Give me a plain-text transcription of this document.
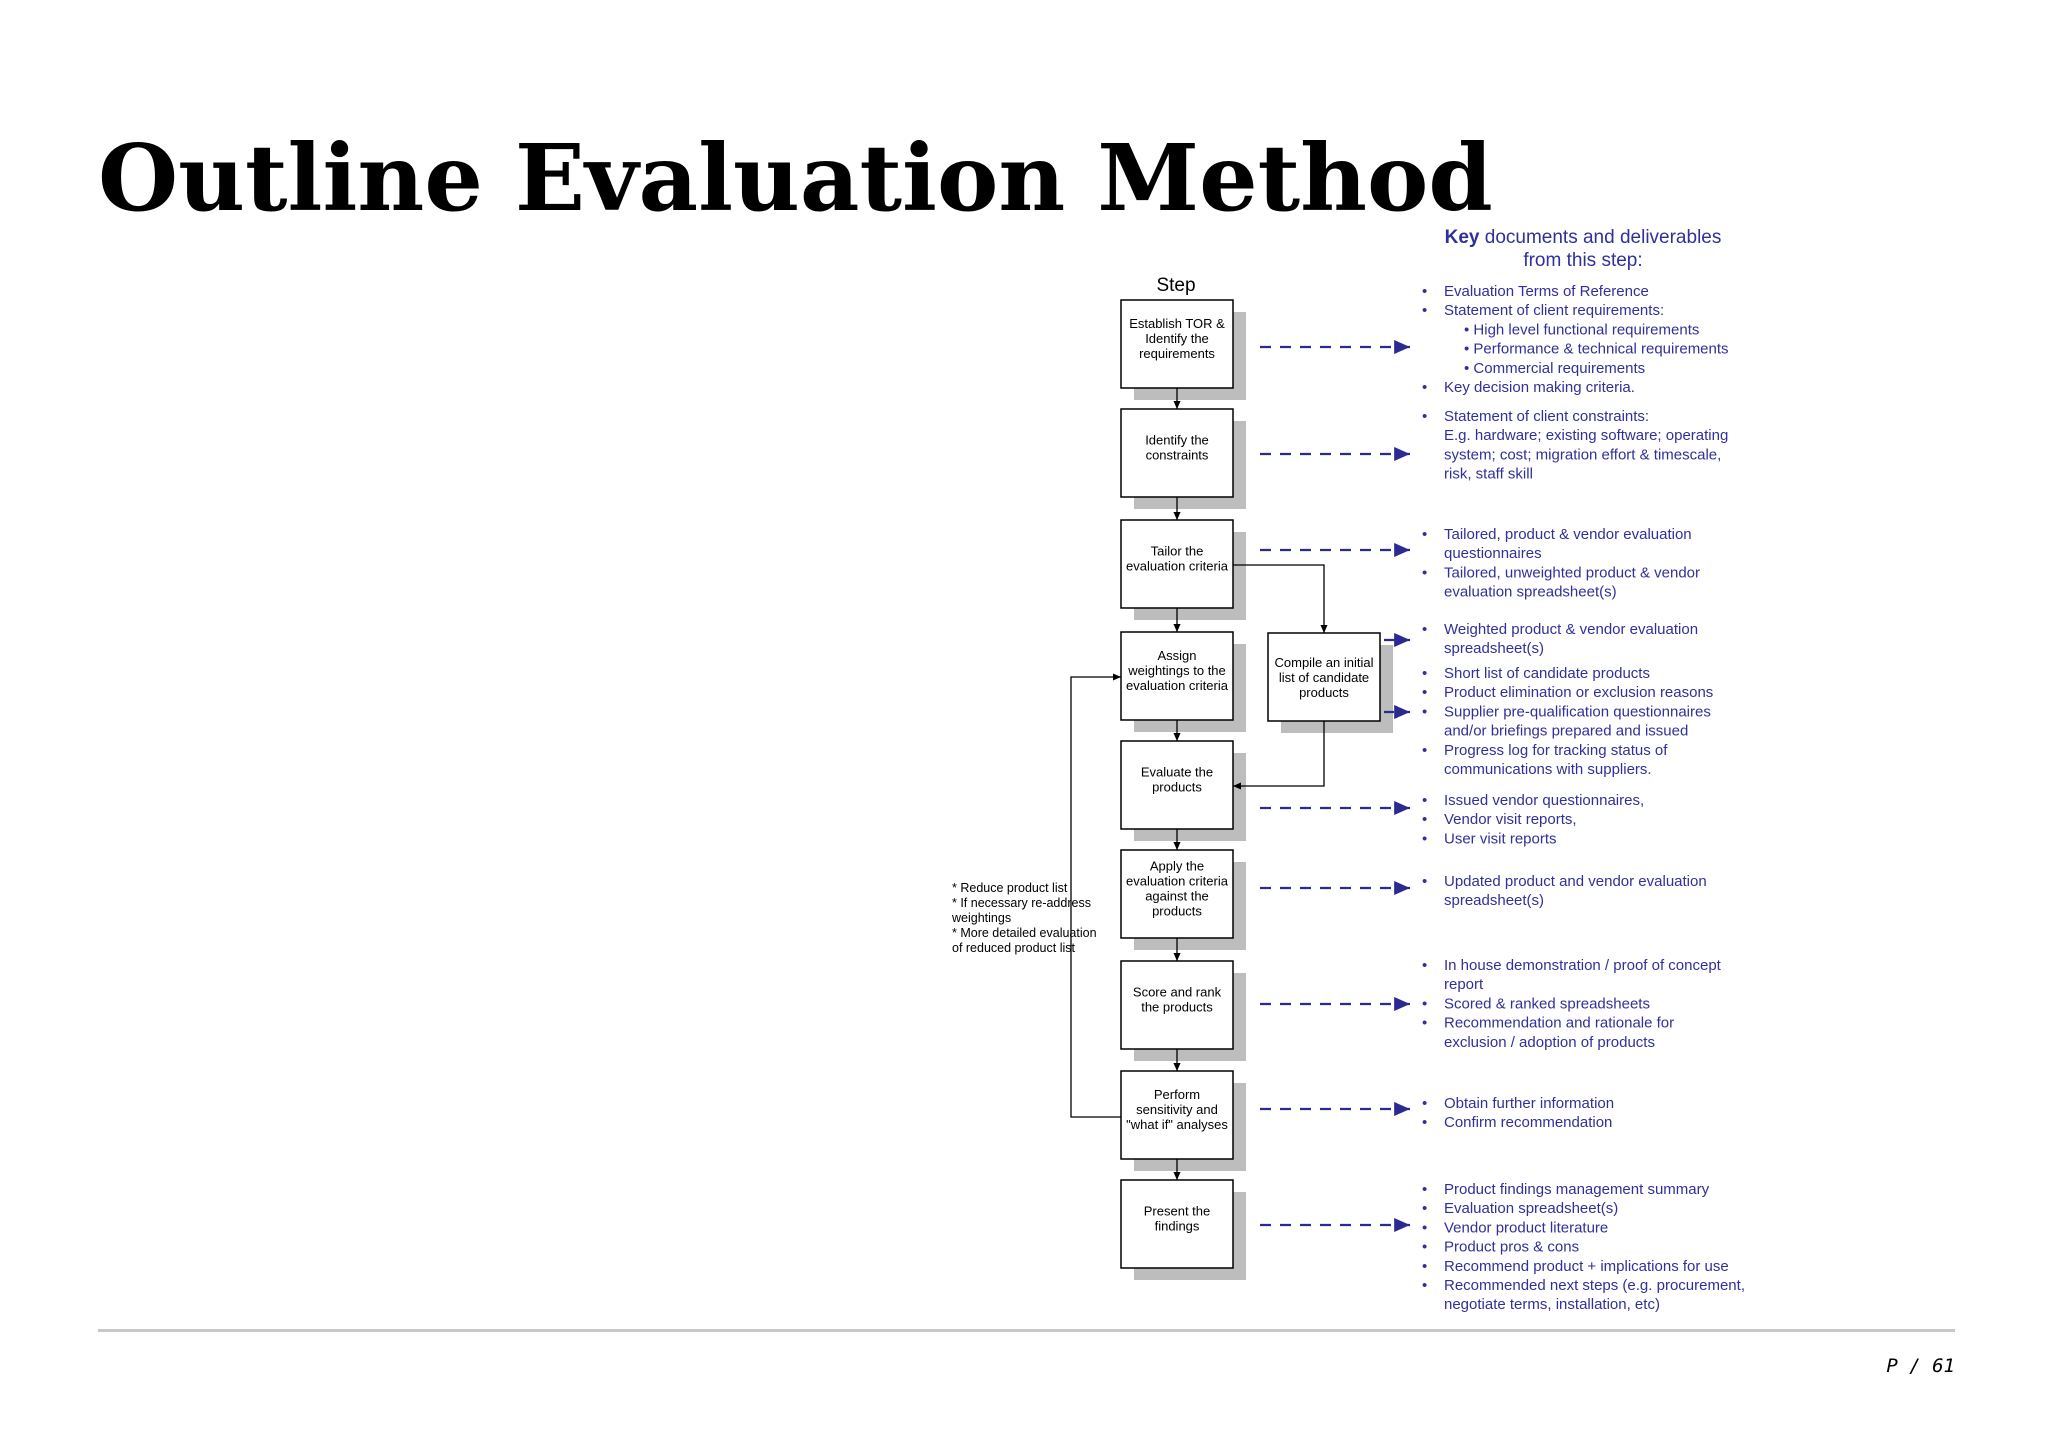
Outline Evaluation Method
Key documents and deliverables
from this step:
Step
Establish TOR &
Identify the
requirements
Identify the
constraints
Tailor the
evaluation criteria
Assign
weightings to the
evaluation criteria
Evaluate the
products
Apply the
evaluation criteria
against the
products
Score and rank
the products
Perform
sensitivity and
"what if" analyses
Present the
findings
Compile an initial
list of candidate
products
* Reduce product list
* If necessary re-address
weightings
* More detailed evaluation
of reduced product list
• Evaluation Terms of Reference
• Statement of client requirements:
• High level functional requirements
• Performance & technical requirements
• Commercial requirements
• Key decision making criteria.
• Statement of client constraints:
E.g. hardware; existing software; operating
system; cost; migration effort & timescale,
risk, staff skill
• Tailored, product & vendor evaluation
questionnaires
• Tailored, unweighted product & vendor
evaluation spreadsheet(s)
• Weighted product & vendor evaluation
spreadsheet(s)
• Short list of candidate products
• Product elimination or exclusion reasons
• Supplier pre-qualification questionnaires
and/or briefings prepared and issued
• Progress log for tracking status of
communications with suppliers.
• Issued vendor questionnaires,
• Vendor visit reports,
• User visit reports
• Updated product and vendor evaluation
spreadsheet(s)
• In house demonstration / proof of concept
report
• Scored & ranked spreadsheets
• Recommendation and rationale for
exclusion / adoption of products
• Obtain further information
• Confirm recommendation
• Product findings management summary
• Evaluation spreadsheet(s)
• Vendor product literature
• Product pros & cons
• Recommend product + implications for use
• Recommended next steps (e.g. procurement,
negotiate terms, installation, etc)
P / 61
